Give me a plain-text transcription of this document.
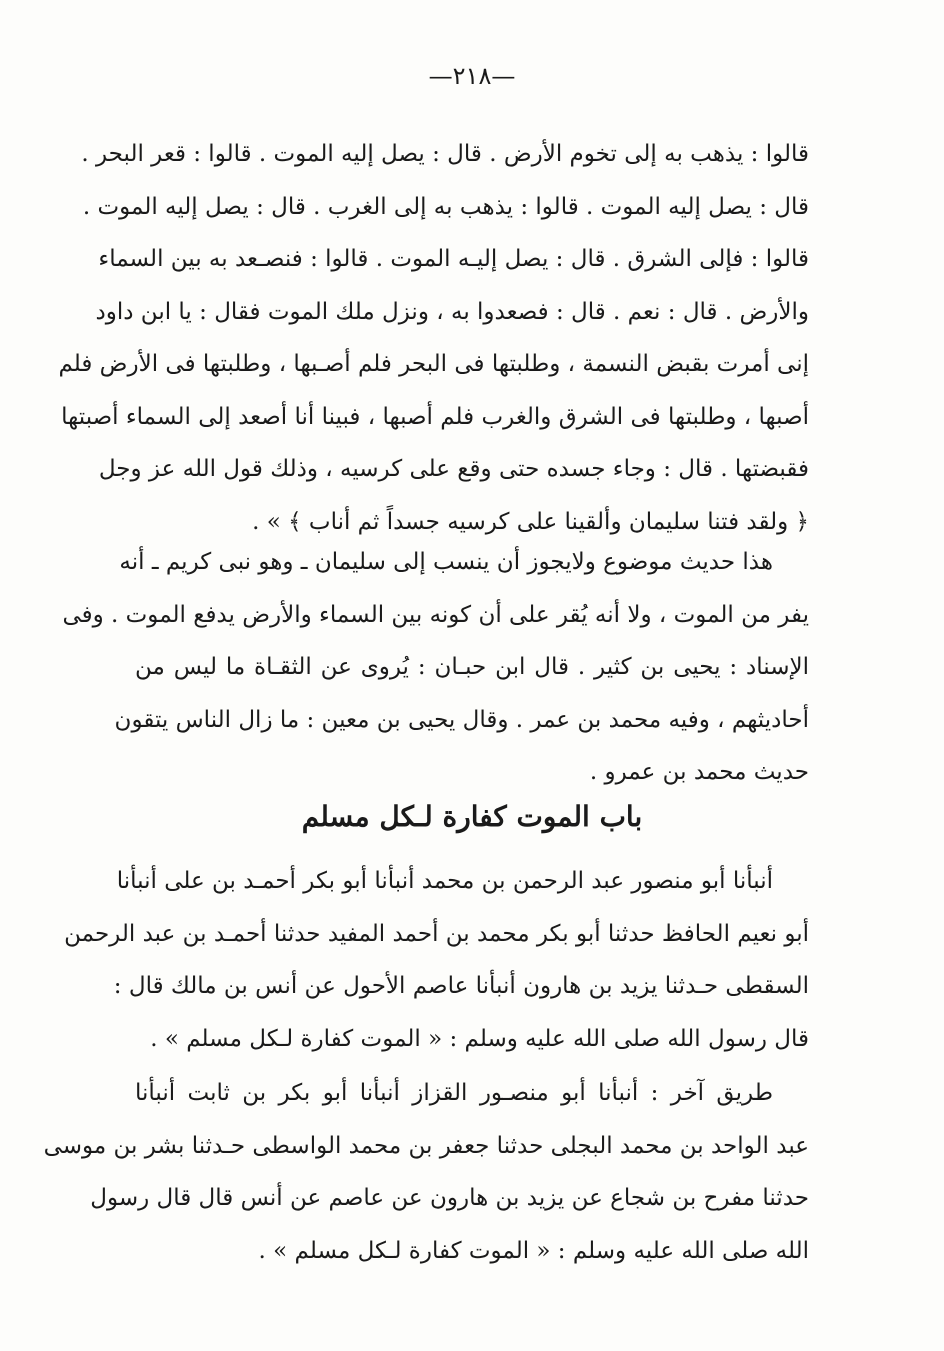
—٢١٨—
قالوا : يذهب به إلى تخوم الأرض . قال : يصل إليه الموت . قالوا : قعر البحر .
قال : يصل إليه الموت . قالوا : يذهب به إلى الغرب . قال : يصل إليه الموت .
قالوا : فإلى الشرق . قال : يصل إليـه الموت . قالوا : فنصـعد به بين السماء
والأرض . قال : نعم . قال : فصعدوا به ، ونزل ملك الموت فقال : يا ابن داود
إنى أمرت بقبض النسمة ، وطلبتها فى البحر فلم أصـبها ، وطلبتها فى الأرض فلم
أصبها ، وطلبتها فى الشرق والغرب فلم أصبها ، فبينا أنا أصعد إلى السماء أصبتها
فقبضتها . قال : وجاء جسده حتى وقع على كرسيه ، وذلك قول الله عز وجل
﴿ ولقد فتنا سليمان وألقينا على كرسيه جسداً ثم أناب ﴾ » .
هذا حديث موضوع ولايجوز أن ينسب إلى سليمان ـ وهو نبى كريم ـ أنه
يفر من الموت ، ولا أنه يُقر على أن كونه بين السماء والأرض يدفع الموت . وفى
الإسناد : يحيى بن كثير . قال ابن حبـان : يُروى عن الثقـاة ما ليس من
أحاديثهم ، وفيه محمد بن عمر . وقال يحيى بن معين : ما زال الناس يتقون
حديث محمد بن عمرو .
باب الموت كفارة لـكل مسلم
أنبأنا أبو منصور عبد الرحمن بن محمد أنبأنا أبو بكر أحمـد بن على أنبأنا
أبو نعيم الحافظ حدثنا أبو بكر محمد بن أحمد المفيد حدثنا أحمـد بن عبد الرحمن
السقطى حـدثنا يزيد بن هارون أنبأنا عاصم الأحول عن أنس بن مالك قال :
قال رسول الله صلى الله عليه وسلم : « الموت كفارة لـكل مسلم » .
طريق آخر : أنبأنا أبو منصـور القزاز أنبأنا أبو بكر بن ثابت أنبأنا
عبد الواحد بن محمد البجلى حدثنا جعفر بن محمد الواسطى حـدثنا بشر بن موسى
حدثنا مفرح بن شجاع عن يزيد بن هارون عن عاصم عن أنس قال قال رسول
الله صلى الله عليه وسلم : « الموت كفارة لـكل مسلم » .
